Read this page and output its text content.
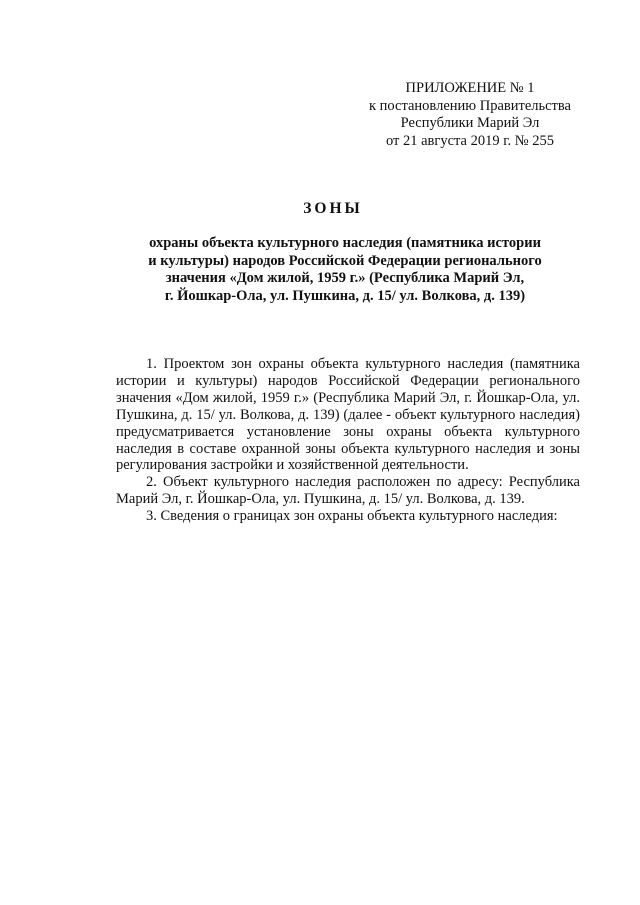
ПРИЛОЖЕНИЕ № 1
к постановлению Правительства
Республики Марий Эл
от 21 августа 2019 г. № 255
ЗОНЫ
охраны объекта культурного наследия (памятника истории
и культуры) народов Российской Федерации регионального
значения «Дом жилой, 1959 г.» (Республика Марий Эл,
г. Йошкар-Ола, ул. Пушкина, д. 15/ ул. Волкова, д. 139)

1. Проектом зон охраны объекта культурного наследия (памятника истории и культуры) народов Российской Федерации регионального значения «Дом жилой, 1959 г.» (Республика Марий Эл, г. Йошкар-Ола, ул. Пушкина, д. 15/ ул. Волкова, д. 139) (далее - объект культурного наследия) предусматривается установление зоны охраны объекта культурного наследия в составе охранной зоны объекта культурного наследия и зоны регулирования застройки и хозяйственной деятельности.

2. Объект культурного наследия расположен по адресу: Республика Марий Эл, г. Йошкар-Ола, ул. Пушкина, д. 15/ ул. Волкова, д. 139.

3. Сведения о границах зон охраны объекта культурного наследия:
